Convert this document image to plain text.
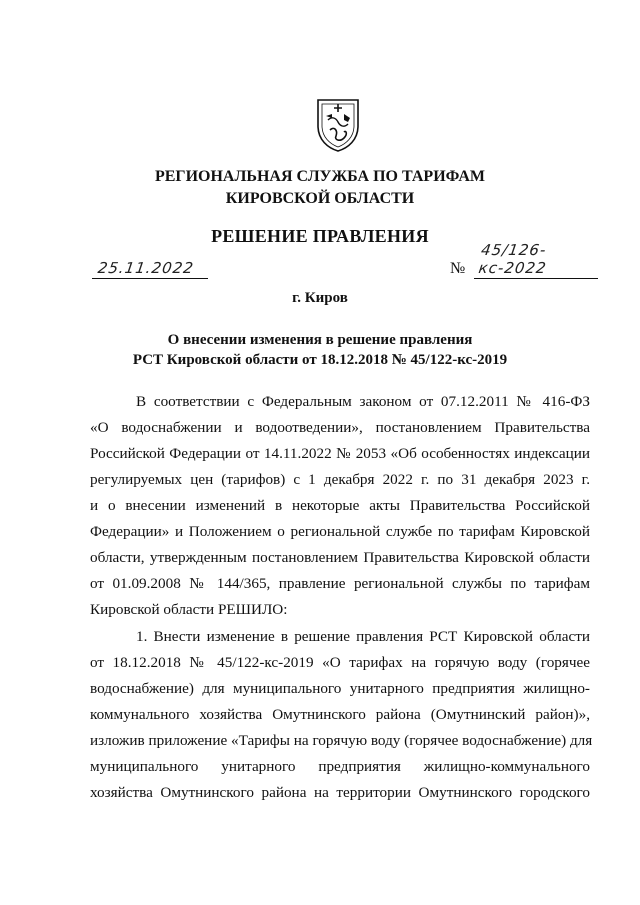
РЕГИОНАЛЬНАЯ СЛУЖБА ПО ТАРИФАМ
КИРОВСКОЙ ОБЛАСТИ
РЕШЕНИЕ ПРАВЛЕНИЯ
25.11.2022	№
45/126-кс-2022
г. Киров
О внесении изменения в решение правления
РСТ Кировской области от 18.12.2018 № 45/122-кс-2019
В соответствии с Федеральным законом от 07.12.2011 № 416-ФЗ
«О водоснабжении и водоотведении», постановлением Правительства
Российской Федерации от 14.11.2022 № 2053 «Об особенностях индексации
регулируемых цен (тарифов) с 1 декабря 2022 г. по 31 декабря 2023 г.
и о внесении изменений в некоторые акты Правительства Российской
Федерации» и Положением о региональной службе по тарифам Кировской
области, утвержденным постановлением Правительства Кировской области
от 01.09.2008 № 144/365, правление региональной службы по тарифам
Кировской области РЕШИЛО:
1. Внести изменение в решение правления РСТ Кировской области
от 18.12.2018 № 45/122-кс-2019 «О тарифах на горячую воду (горячее
водоснабжение) для муниципального унитарного предприятия жилищно-
коммунального хозяйства Омутнинского района (Омутнинский район)»,
изложив приложение «Тарифы на горячую воду (горячее водоснабжение) для
муниципального унитарного предприятия жилищно-коммунального
хозяйства Омутнинского района на территории Омутнинского городского
